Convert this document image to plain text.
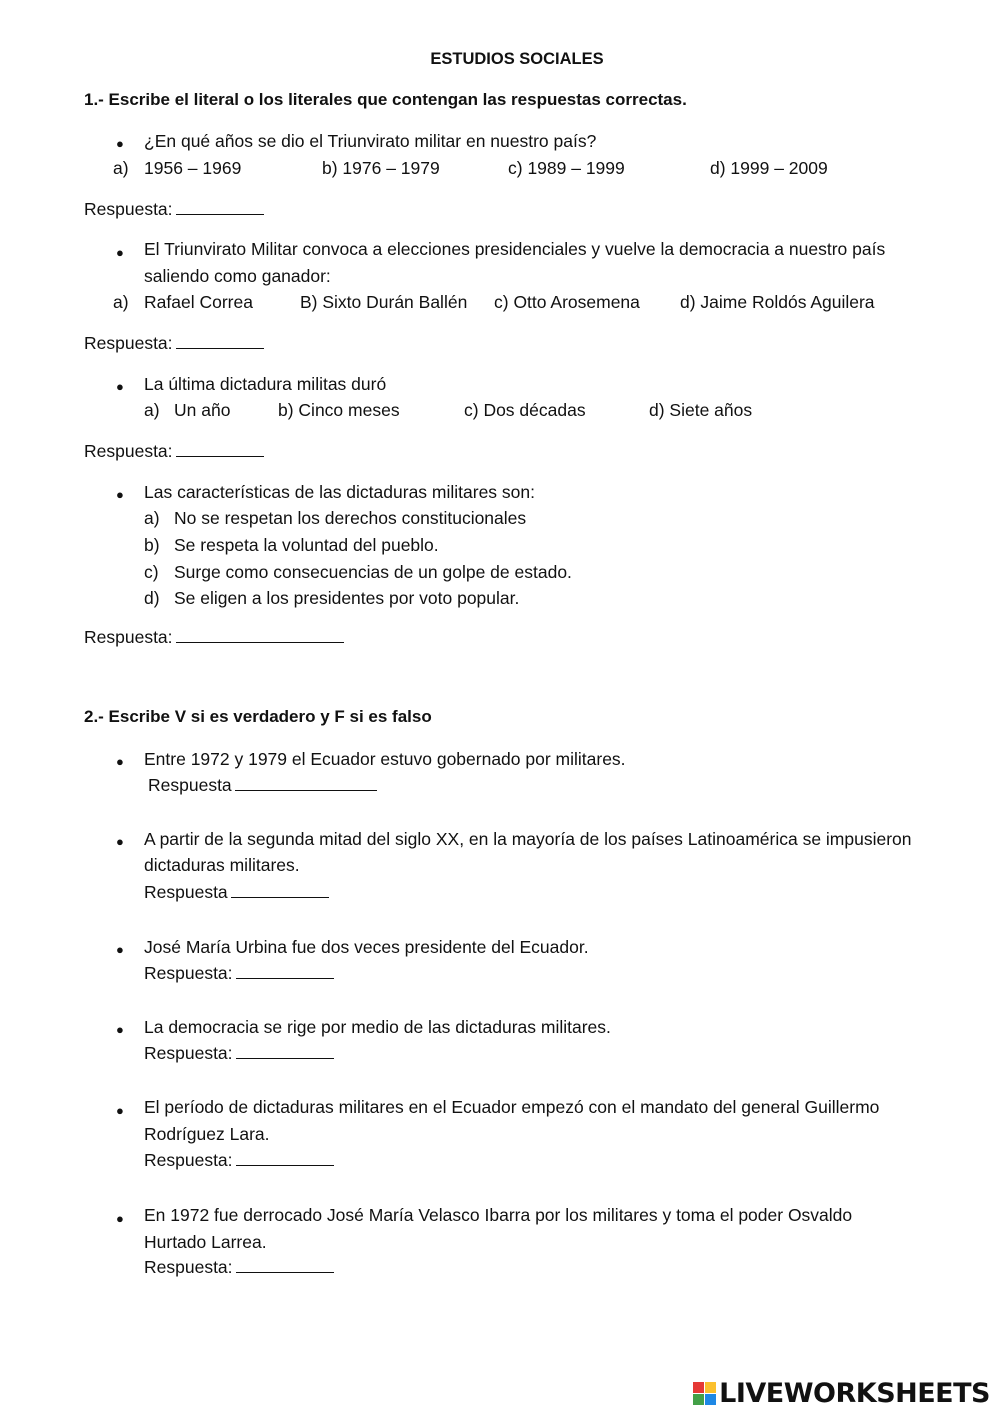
ESTUDIOS SOCIALES
1.- Escribe el literal o los literales que contengan las respuestas correctas.
● ¿En qué años se dio el Triunvirato militar en nuestro país?
a) 1956 – 1969	b) 1976 – 1979	c) 1989 – 1999	d) 1999 – 2009
Respuesta:
● El Triunvirato Militar convoca a elecciones presidenciales y vuelve la democracia a nuestro país
saliendo como ganador:
a) Rafael Correa	B) Sixto Durán Ballén c) Otto Arosemena d) Jaime Roldós Aguilera
Respuesta:
● La última dictadura militas duró
a) Un año	b) Cinco meses	c) Dos décadas	d) Siete años
Respuesta:
● Las características de las dictaduras militares son:
a) No se respetan los derechos constitucionales
b) Se respeta la voluntad del pueblo.
c) Surge como consecuencias de un golpe de estado.
d) Se eligen a los presidentes por voto popular.
Respuesta:
2.- Escribe V si es verdadero y F si es falso
● Entre 1972 y 1979 el Ecuador estuvo gobernado por militares.
Respuesta
● A partir de la segunda mitad del siglo XX, en la mayoría de los países Latinoamérica se impusieron
dictaduras militares.
Respuesta
● José María Urbina fue dos veces presidente del Ecuador.
Respuesta:
● La democracia se rige por medio de las dictaduras militares.
Respuesta:
● El período de dictaduras militares en el Ecuador empezó con el mandato del general Guillermo
Rodríguez Lara.
Respuesta:
● En 1972 fue derrocado José María Velasco Ibarra por los militares y toma el poder Osvaldo
Hurtado Larrea.
Respuesta:
LIVEWORKSHEETS
